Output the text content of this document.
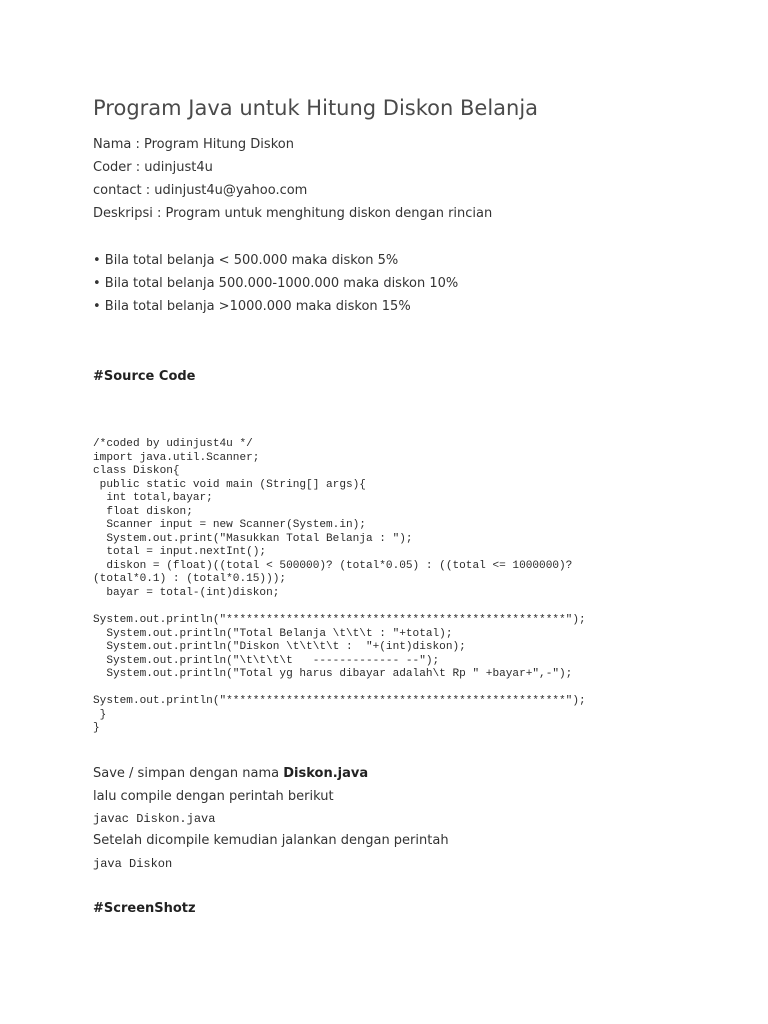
Program Java untuk Hitung Diskon Belanja
Nama : Program Hitung Diskon
Coder : udinjust4u
contact : udinjust4u@yahoo.com
Deskripsi : Program untuk menghitung diskon dengan rincian
• Bila total belanja < 500.000 maka diskon 5%
• Bila total belanja 500.000-1000.000 maka diskon 10%
• Bila total belanja >1000.000 maka diskon 15%
#Source Code
/*coded by udinjust4u */
import java.util.Scanner;
class Diskon{
public static void main (String[] args){
int total,bayar;
float diskon;
Scanner input = new Scanner(System.in);
System.out.print("Masukkan Total Belanja : ");
total = input.nextInt();
diskon = (float)((total < 500000)? (total*0.05) : ((total <= 1000000)?
(total*0.1) : (total*0.15)));
bayar = total-(int)diskon;

System.out.println("***************************************************");
System.out.println("Total Belanja \t\t\t : "+total);
System.out.println("Diskon \t\t\t\t :  "+(int)diskon);
System.out.println("\t\t\t\t   ------------- --");
System.out.println("Total yg harus dibayar adalah\t Rp " +bayar+",-");

System.out.println("***************************************************");
}
}
Save / simpan dengan nama Diskon.java
lalu compile dengan perintah berikut
javac Diskon.java
Setelah dicompile kemudian jalankan dengan perintah
java Diskon
#ScreenShotz
